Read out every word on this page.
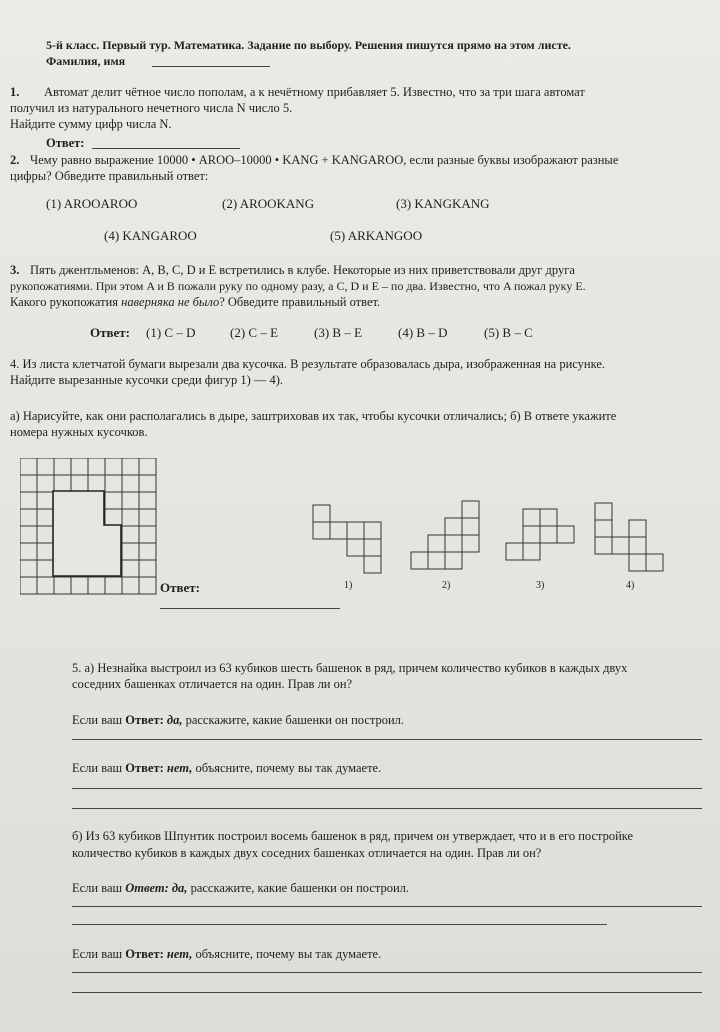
5-й класс. Первый тур. Математика. Задание по выбору. Решения пишутся прямо на этом листе.
Фамилия, имя
1. Автомат делит чётное число пополам, а к нечётному прибавляет 5. Известно, что за три шага автомат
получил из натурального нечетного числа N число 5.
Найдите сумму цифр числа N.
Ответ:
2. Чему равно выражение 10000 • AROO–10000 • KANG + KANGAROO, если разные буквы изображают разные
цифры? Обведите правильный ответ:
(1) AROOAROO	(2) AROOKANG	(3) KANGKANG
(4) KANGAROO	(5) ARKANGOO
3. Пять джентльменов: A, B, C, D и E встретились в клубе. Некоторые из них приветствовали друг друга
рукопожатиями. При этом A и B пожали руку по одному разу, а C, D и E – по два. Известно, что A пожал руку E.
Какого рукопожатия наверняка не было? Обведите правильный ответ.
Ответ: (1) C – D	(2) C – E	(3) B – E	(4) B – D	(5) B – C
4. Из листа клетчатой бумаги вырезали два кусочка. В результате образовалась дыра, изображенная на рисунке.
Найдите вырезанные кусочки среди фигур 1) — 4).
а) Нарисуйте, как они располагались в дыре, заштриховав их так, чтобы кусочки отличались; б) В ответе укажите
номера нужных кусочков.
Ответ:	1)	2)	3)	4)
5. а) Незнайка выстроил из 63 кубиков шесть башенок в ряд, причем количество кубиков в каждых двух
соседних башенках отличается на один. Прав ли он?
Если ваш Ответ: да, расскажите, какие башенки он построил.
Если ваш Ответ: нет, объясните, почему вы так думаете.
б) Из 63 кубиков Шпунтик построил восемь башенок в ряд, причем он утверждает, что и в его постройке
количество кубиков в каждых двух соседних башенках отличается на один. Прав ли он?
Если ваш Ответ: да, расскажите, какие башенки он построил.
Если ваш Ответ: нет, объясните, почему вы так думаете.
